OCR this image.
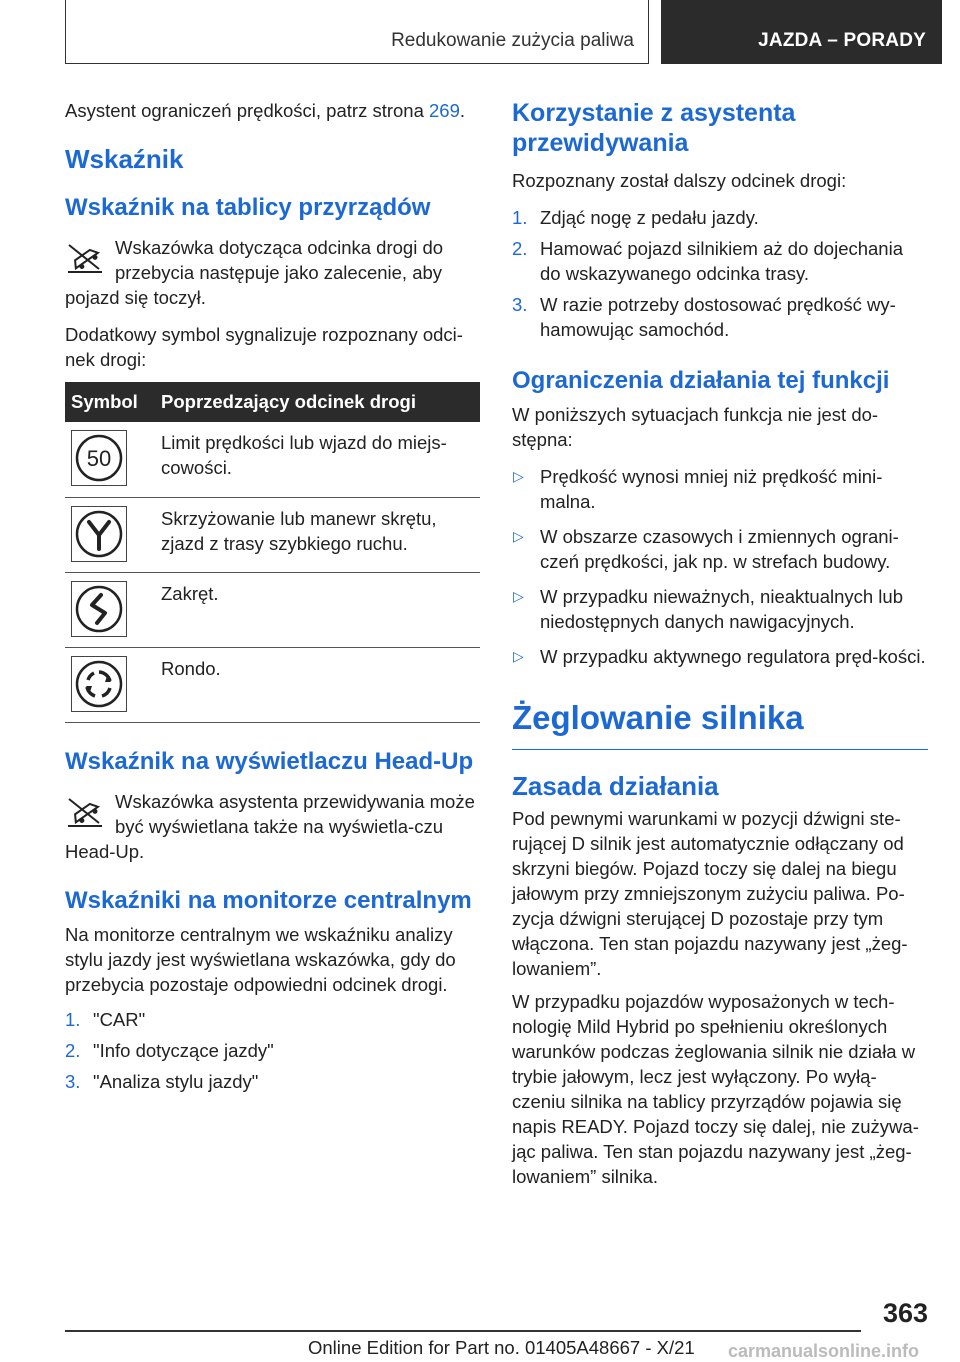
Redukowanie zużycia paliwa	JAZDA – PORADY

Asystent ograniczeń prędkości, patrz strona 269.

Wskaźnik
Wskaźnik na tablicy przyrządów

Wskazówka dotycząca odcinka drogi do przebycia następuje jako zalecenie, aby pojazd się toczył.

Dodatkowy symbol sygnalizuje rozpoznany odci-nek drogi:

Symbol	Poprzedzający odcinek drogi

50	Limit prędkości lub wjazd do miejs-cowości.

	Skrzyżowanie lub manewr skrętu, zjazd z trasy szybkiego ruchu.

	Zakręt.

	Rondo.
Wskaźnik na wyświetlaczu Head-Up

Wskazówka asystenta przewidywania może być wyświetlana także na wyświetla-czu Head-Up.

Wskaźniki na monitorze centralnym

Na monitorze centralnym we wskaźniku analizy stylu jazdy jest wyświetlana wskazówka, gdy do przebycia pozostaje odpowiedni odcinek drogi.

1. "CAR"
2. "Info dotyczące jazdy"
3. "Analiza stylu jazdy"
Korzystanie z asystenta przewidywania

Rozpoznany został dalszy odcinek drogi:

1. Zdjąć nogę z pedału jazdy.
2. Hamować pojazd silnikiem aż do dojechania do wskazywanego odcinka trasy.
3. W razie potrzeby dostosować prędkość wy-hamowując samochód.
Ograniczenia działania tej funkcji

W poniższych sytuacjach funkcja nie jest do-stępna:

▷ Prędkość wynosi mniej niż prędkość mini-malna.
▷ W obszarze czasowych i zmiennych ograni-czeń prędkości, jak np. w strefach budowy.
▷ W przypadku nieważnych, nieaktualnych lub niedostępnych danych nawigacyjnych.
▷ W przypadku aktywnego regulatora pręd-kości.
Żeglowanie silnika
Zasada działania

Pod pewnymi warunkami w pozycji dźwigni ste-rującej D silnik jest automatycznie odłączany od skrzyni biegów. Pojazd toczy się dalej na biegu jałowym przy zmniejszonym zużyciu paliwa. Po-zycja dźwigni sterującej D pozostaje przy tym włączona. Ten stan pojazdu nazywany jest „żeg-lowaniem”.

W przypadku pojazdów wyposażonych w tech-nologię Mild Hybrid po spełnieniu określonych warunków podczas żeglowania silnik nie działa w trybie jałowym, lecz jest wyłączony. Po wyłą-czeniu silnika na tablicy przyrządów pojawia się napis READY. Pojazd toczy się dalej, nie zużywa-jąc paliwa. Ten stan pojazdu nazywany jest „żeg-lowaniem” silnika.

363
Online Edition for Part no. 01405A48667 - X/21 carmanualsonline.info
